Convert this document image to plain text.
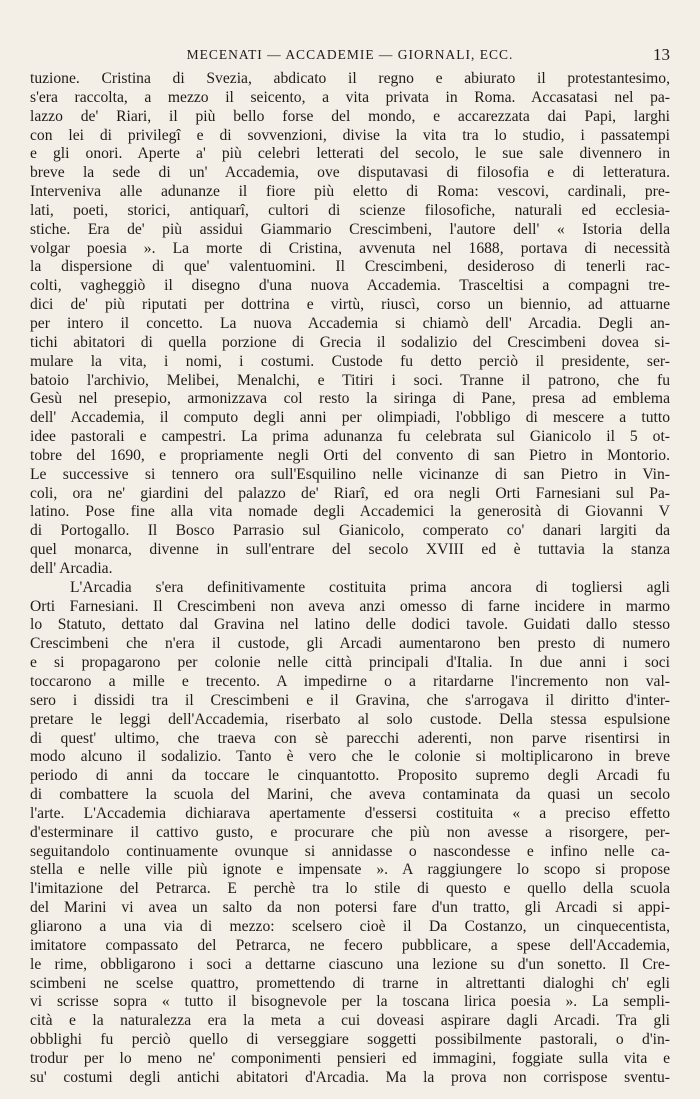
MECENATI — ACCADEMIE — GIORNALI, ECC.	13
tuzione. Cristina di Svezia, abdicato il regno e abiurato il protestantesimo,
s'era raccolta, a mezzo il seicento, a vita privata in Roma. Accasatasi nel pa-
lazzo de' Riari, il più bello forse del mondo, e accarezzata dai Papi, larghi
con lei di privilegî e di sovvenzioni, divise la vita tra lo studio, i passatempi
e gli onori. Aperte a' più celebri letterati del secolo, le sue sale divennero in
breve la sede di un' Accademia, ove disputavasi di filosofia e di letteratura.
Interveniva alle adunanze il fiore più eletto di Roma: vescovi, cardinali, pre-
lati, poeti, storici, antiquarî, cultori di scienze filosofiche, naturali ed ecclesia-
stiche. Era de' più assidui Giammario Crescimbeni, l'autore dell' « Istoria della
volgar poesia ». La morte di Cristina, avvenuta nel 1688, portava di necessità
la dispersione di que' valentuomini. Il Crescimbeni, desideroso di tenerli rac-
colti, vagheggiò il disegno d'una nuova Accademia. Trasceltisi a compagni tre-
dici de' più riputati per dottrina e virtù, riuscì, corso un biennio, ad attuarne
per intero il concetto. La nuova Accademia si chiamò dell' Arcadia. Degli an-
tichi abitatori di quella porzione di Grecia il sodalizio del Crescimbeni dovea si-
mulare la vita, i nomi, i costumi. Custode fu detto perciò il presidente, ser-
batoio l'archivio, Melibei, Menalchi, e Titiri i soci. Tranne il patrono, che fu
Gesù nel presepio, armonizzava col resto la siringa di Pane, presa ad emblema
dell' Accademia, il computo degli anni per olimpiadi, l'obbligo di mescere a tutto
idee pastorali e campestri. La prima adunanza fu celebrata sul Gianicolo il 5 ot-
tobre del 1690, e propriamente negli Orti del convento di san Pietro in Montorio.
Le successive si tennero ora sull'Esquilino nelle vicinanze di san Pietro in Vin-
coli, ora ne' giardini del palazzo de' Riarî, ed ora negli Orti Farnesiani sul Pa-
latino. Pose fine alla vita nomade degli Accademici la generosità di Giovanni V
di Portogallo. Il Bosco Parrasio sul Gianicolo, comperato co' danari largiti da
quel monarca, divenne in sull'entrare del secolo XVIII ed è tuttavia la stanza
dell' Arcadia.
L'Arcadia s'era definitivamente costituita prima ancora di togliersi agli
Orti Farnesiani. Il Crescimbeni non aveva anzi omesso di farne incidere in marmo
lo Statuto, dettato dal Gravina nel latino delle dodici tavole. Guidati dallo stesso
Crescimbeni che n'era il custode, gli Arcadi aumentarono ben presto di numero
e si propagarono per colonie nelle città principali d'Italia. In due anni i soci
toccarono a mille e trecento. A impedirne o a ritardarne l'incremento non val-
sero i dissidi tra il Crescimbeni e il Gravina, che s'arrogava il diritto d'inter-
pretare le leggi dell'Accademia, riserbato al solo custode. Della stessa espulsione
di quest' ultimo, che traeva con sè parecchi aderenti, non parve risentirsi in
modo alcuno il sodalizio. Tanto è vero che le colonie si moltiplicarono in breve
periodo di anni da toccare le cinquantotto. Proposito supremo degli Arcadi fu
di combattere la scuola del Marini, che aveva contaminata da quasi un secolo
l'arte. L'Accademia dichiarava apertamente d'essersi costituita « a preciso effetto
d'esterminare il cattivo gusto, e procurare che più non avesse a risorgere, per-
seguitandolo continuamente ovunque si annidasse o nascondesse e infino nelle ca-
stella e nelle ville più ignote e impensate ». A raggiungere lo scopo si propose
l'imitazione del Petrarca. E perchè tra lo stile di questo e quello della scuola
del Marini vi avea un salto da non potersi fare d'un tratto, gli Arcadi si appi-
gliarono a una via di mezzo: scelsero cioè il Da Costanzo, un cinquecentista,
imitatore compassato del Petrarca, ne fecero pubblicare, a spese dell'Accademia,
le rime, obbligarono i soci a dettarne ciascuno una lezione su d'un sonetto. Il Cre-
scimbeni ne scelse quattro, promettendo di trarne in altrettanti dialoghi ch' egli
vi scrisse sopra « tutto il bisognevole per la toscana lirica poesia ». La sempli-
cità e la naturalezza era la meta a cui doveasi aspirare dagli Arcadi. Tra gli
obblighi fu perciò quello di verseggiare soggetti possibilmente pastorali, o d'in-
trodur per lo meno ne' componimenti pensieri ed immagini, foggiate sulla vita e
su' costumi degli antichi abitatori d'Arcadia. Ma la prova non corrispose sventu-
